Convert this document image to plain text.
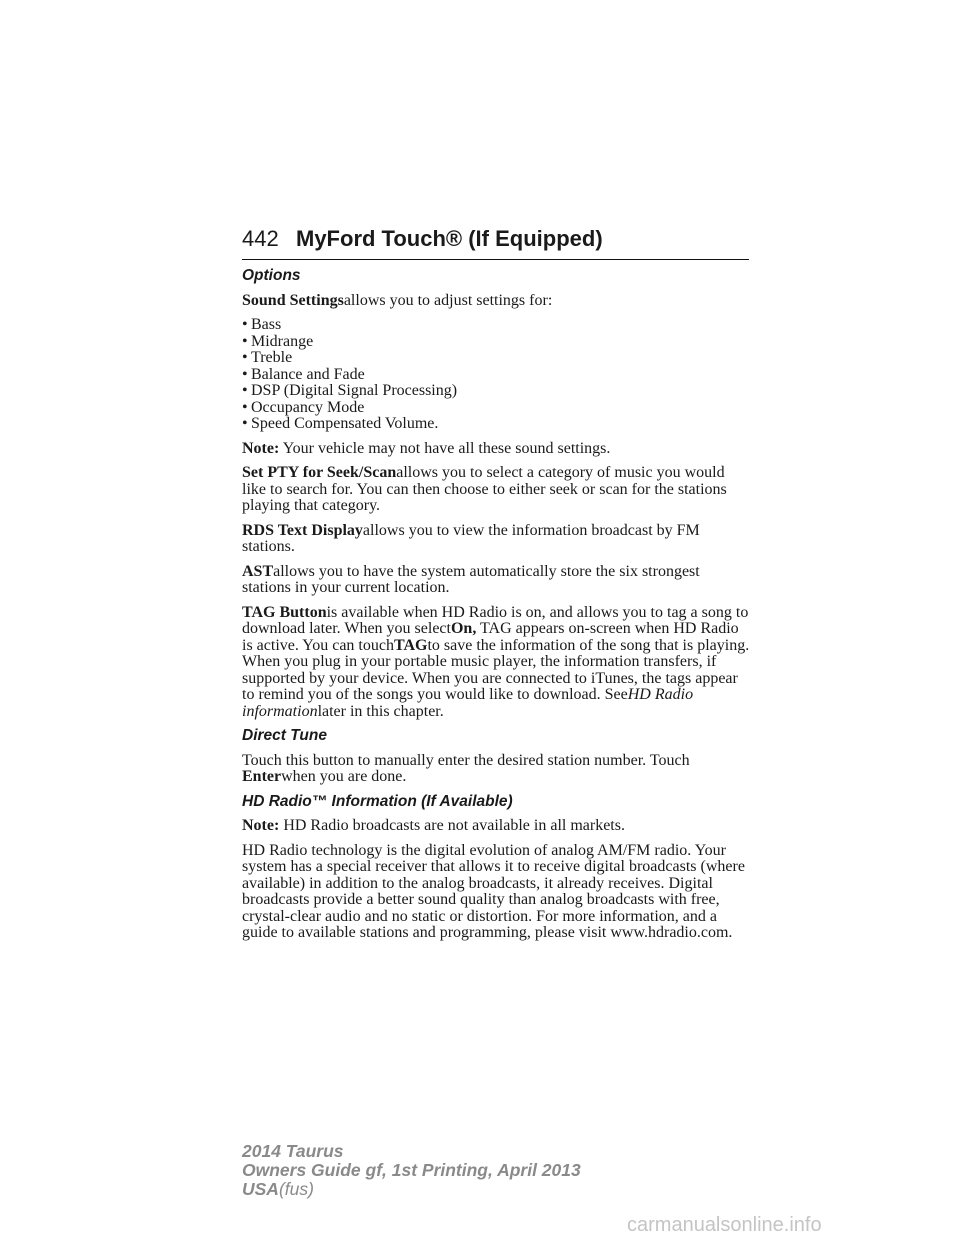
442 MyFord Touch® (If Equipped)
Options

Sound Settingsallows you to adjust settings for:

• Bass
• Midrange
• Treble
• Balance and Fade
• DSP (Digital Signal Processing)
• Occupancy Mode
• Speed Compensated Volume.

Note: Your vehicle may not have all these sound settings.

Set PTY for Seek/Scanallows you to select a category of music you would like to search for. You can then choose to either seek or scan for the stations playing that category.

RDS Text Displayallows you to view the information broadcast by FM stations.

ASTallows you to have the system automatically store the six strongest stations in your current location.

TAG Buttonis available when HD Radio is on, and allows you to tag a song to download later. When you selectOn, TAG appears on-screen when HD Radio is active. You can touchTAGto save the information of the song that is playing. When you plug in your portable music player, the information transfers, if supported by your device. When you are connected to iTunes, the tags appear to remind you of the songs you would like to download. SeeHD Radio informationlater in this chapter.

Direct Tune

Touch this button to manually enter the desired station number. Touch
Enterwhen you are done.

HD Radio™ Information (If Available)

Note: HD Radio broadcasts are not available in all markets.

HD Radio technology is the digital evolution of analog AM/FM radio. Your system has a special receiver that allows it to receive digital broadcasts (where available) in addition to the analog broadcasts, it already receives. Digital broadcasts provide a better sound quality than analog broadcasts with free, crystal-clear audio and no static or distortion. For more information, and a guide to available stations and programming, please visit www.hdradio.com.

2014 Taurus
Owners Guide gf, 1st Printing, April 2013
USA(fus)
carmanualsonline.info
